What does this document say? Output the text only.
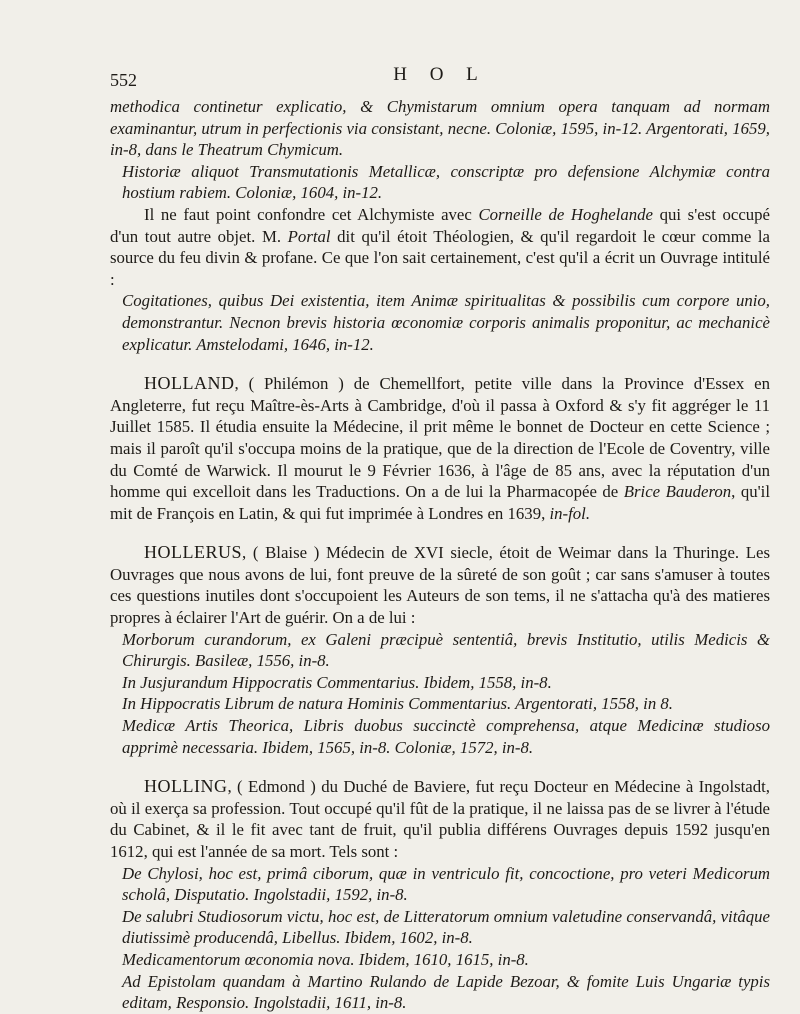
552	H O L

methodica continetur explicatio, & Chymistarum omnium opera tanquam ad normam examinantur, utrum in perfectionis via consistant, necne. Coloniæ, 1595, in-12. Argentorati, 1659, in-8, dans le Theatrum Chymicum.

Historiæ aliquot Transmutationis Metallicæ, conscriptæ pro defensione Alchymiæ contra hostium rabiem. Coloniæ, 1604, in-12.

Il ne faut point confondre cet Alchymiste avec Corneille de Hoghelande qui s'est occupé d'un tout autre objet. M. Portal dit qu'il étoit Théologien, & qu'il regardoit le cœur comme la source du feu divin & profane. Ce que l'on sait certainement, c'est qu'il a écrit un Ouvrage intitulé :

Cogitationes, quibus Dei existentia, item Animæ spiritualitas & possibilis cum corpore unio, demonstrantur. Necnon brevis historia œconomiæ corporis animalis proponitur, ac mechanicè explicatur. Amstelodami, 1646, in-12.

HOLLAND, ( Philémon ) de Chemellfort, petite ville dans la Province d'Essex en Angleterre, fut reçu Maître-ès-Arts à Cambridge, d'où il passa à Oxford & s'y fit aggréger le 11 Juillet 1585. Il étudia ensuite la Médecine, il prit même le bonnet de Docteur en cette Science ; mais il paroît qu'il s'occupa moins de la pratique, que de la direction de l'Ecole de Coventry, ville du Comté de Warwick. Il mourut le 9 Février 1636, à l'âge de 85 ans, avec la réputation d'un homme qui excelloit dans les Traductions. On a de lui la Pharmacopée de Brice Bauderon, qu'il mit de François en Latin, & qui fut imprimée à Londres en 1639, in-fol.

HOLLERUS, ( Blaise ) Médecin de XVI siecle, étoit de Weimar dans la Thuringe. Les Ouvrages que nous avons de lui, font preuve de la sûreté de son goût ; car sans s'amuser à toutes ces questions inutiles dont s'occupoient les Auteurs de son tems, il ne s'attacha qu'à des matieres propres à éclairer l'Art de guérir. On a de lui :

Morborum curandorum, ex Galeni præcipuè sententiâ, brevis Institutio, utilis Medicis & Chirurgis. Basileæ, 1556, in-8.

In Jusjurandum Hippocratis Commentarius. Ibidem, 1558, in-8.

In Hippocratis Librum de natura Hominis Commentarius. Argentorati, 1558, in 8.

Medicæ Artis Theorica, Libris duobus succinctè comprehensa, atque Medicinæ studioso apprimè necessaria. Ibidem, 1565, in-8. Coloniæ, 1572, in-8.

HOLLING, ( Edmond ) du Duché de Baviere, fut reçu Docteur en Médecine à Ingolstadt, où il exerça sa profession. Tout occupé qu'il fût de la pratique, il ne laissa pas de se livrer à l'étude du Cabinet, & il le fit avec tant de fruit, qu'il publia différens Ouvrages depuis 1592 jusqu'en 1612, qui est l'année de sa mort. Tels sont :

De Chylosi, hoc est, primâ ciborum, quæ in ventriculo fit, concoctione, pro veteri Medicorum scholâ, Disputatio. Ingolstadii, 1592, in-8.

De salubri Studiosorum victu, hoc est, de Litteratorum omnium valetudine conservandâ, vitâque diutissimè producendâ, Libellus. Ibidem, 1602, in-8.

Medicamentorum œconomia nova. Ibidem, 1610, 1615, in-8.

Ad Epistolam quandam à Martino Rulando de Lapide Bezoar, & fomite Luis Ungariæ typis editam, Responsio. Ingolstadii, 1611, in-8.
